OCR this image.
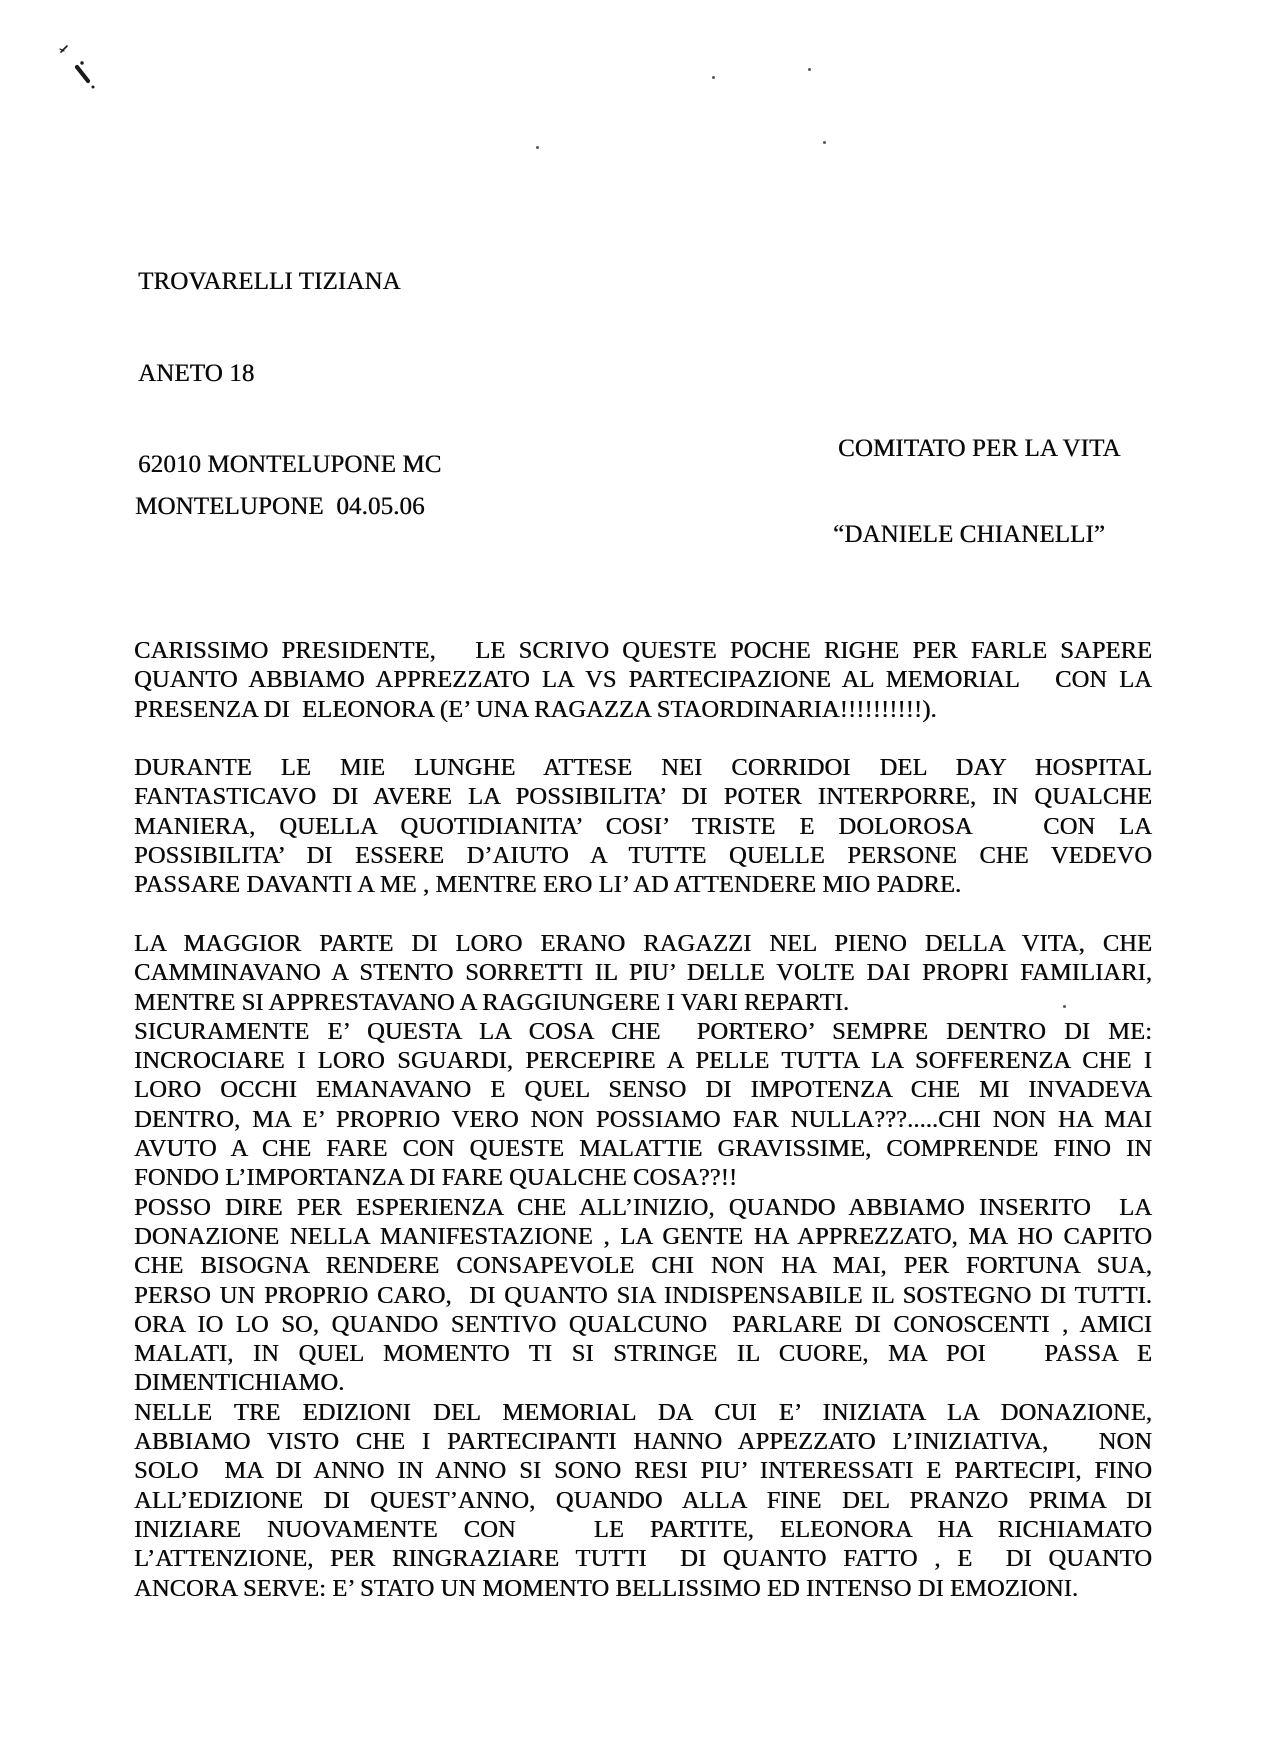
TROVARELLI TIZIANA

ANETO 18

62010 MONTELUPONE MC

COMITATO PER LA VITA

“DANIELE CHIANELLI”

MONTELUPONE  04.05.06
CARISSIMO PRESIDENTE,   LE SCRIVO QUESTE POCHE RIGHE PER FARLE SAPERE
QUANTO ABBIAMO APPREZZATO LA VS PARTECIPAZIONE AL MEMORIAL   CON LA
PRESENZA DI  ELEONORA (E’ UNA RAGAZZA STAORDINARIA!!!!!!!!!!).
DURANTE LE MIE LUNGHE ATTESE NEI CORRIDOI DEL DAY HOSPITAL
FANTASTICAVO DI AVERE LA POSSIBILITA’ DI POTER INTERPORRE, IN QUALCHE
MANIERA, QUELLA QUOTIDIANITA’ COSI’ TRISTE E DOLOROSA   CON LA
POSSIBILITA’ DI ESSERE D’AIUTO A TUTTE QUELLE PERSONE CHE VEDEVO
PASSARE DAVANTI A ME , MENTRE ERO LI’ AD ATTENDERE MIO PADRE.
LA MAGGIOR PARTE DI LORO ERANO RAGAZZI NEL PIENO DELLA VITA, CHE
CAMMINAVANO A STENTO SORRETTI IL PIU’ DELLE VOLTE DAI PROPRI FAMILIARI,
MENTRE SI APPRESTAVANO A RAGGIUNGERE I VARI REPARTI.
SICURAMENTE E’ QUESTA LA COSA CHE  PORTERO’ SEMPRE DENTRO DI ME:
INCROCIARE I LORO SGUARDI, PERCEPIRE A PELLE TUTTA LA SOFFERENZA CHE I
LORO OCCHI EMANAVANO E QUEL SENSO DI IMPOTENZA CHE MI INVADEVA
DENTRO, MA E’ PROPRIO VERO NON POSSIAMO FAR NULLA???.....CHI NON HA MAI
AVUTO A CHE FARE CON QUESTE MALATTIE GRAVISSIME, COMPRENDE FINO IN
FONDO L’IMPORTANZA DI FARE QUALCHE COSA??!!
POSSO DIRE PER ESPERIENZA CHE ALL’INIZIO, QUANDO ABBIAMO INSERITO  LA
DONAZIONE NELLA MANIFESTAZIONE , LA GENTE HA APPREZZATO, MA HO CAPITO
CHE BISOGNA RENDERE CONSAPEVOLE CHI NON HA MAI, PER FORTUNA SUA,
PERSO UN PROPRIO CARO,  DI QUANTO SIA INDISPENSABILE IL SOSTEGNO DI TUTTI.
ORA IO LO SO, QUANDO SENTIVO QUALCUNO  PARLARE DI CONOSCENTI , AMICI
MALATI, IN QUEL MOMENTO TI SI STRINGE IL CUORE, MA POI   PASSA E
DIMENTICHIAMO.
NELLE TRE EDIZIONI DEL MEMORIAL DA CUI E’ INIZIATA LA DONAZIONE,
ABBIAMO VISTO CHE I PARTECIPANTI HANNO APPEZZATO L’INIZIATIVA,   NON
SOLO  MA DI ANNO IN ANNO SI SONO RESI PIU’ INTERESSATI E PARTECIPI, FINO
ALL’EDIZIONE DI QUEST’ANNO, QUANDO ALLA FINE DEL PRANZO PRIMA DI
INIZIARE NUOVAMENTE CON   LE PARTITE, ELEONORA HA RICHIAMATO
L’ATTENZIONE, PER RINGRAZIARE TUTTI  DI QUANTO FATTO , E  DI QUANTO
ANCORA SERVE: E’ STATO UN MOMENTO BELLISSIMO ED INTENSO DI EMOZIONI.
